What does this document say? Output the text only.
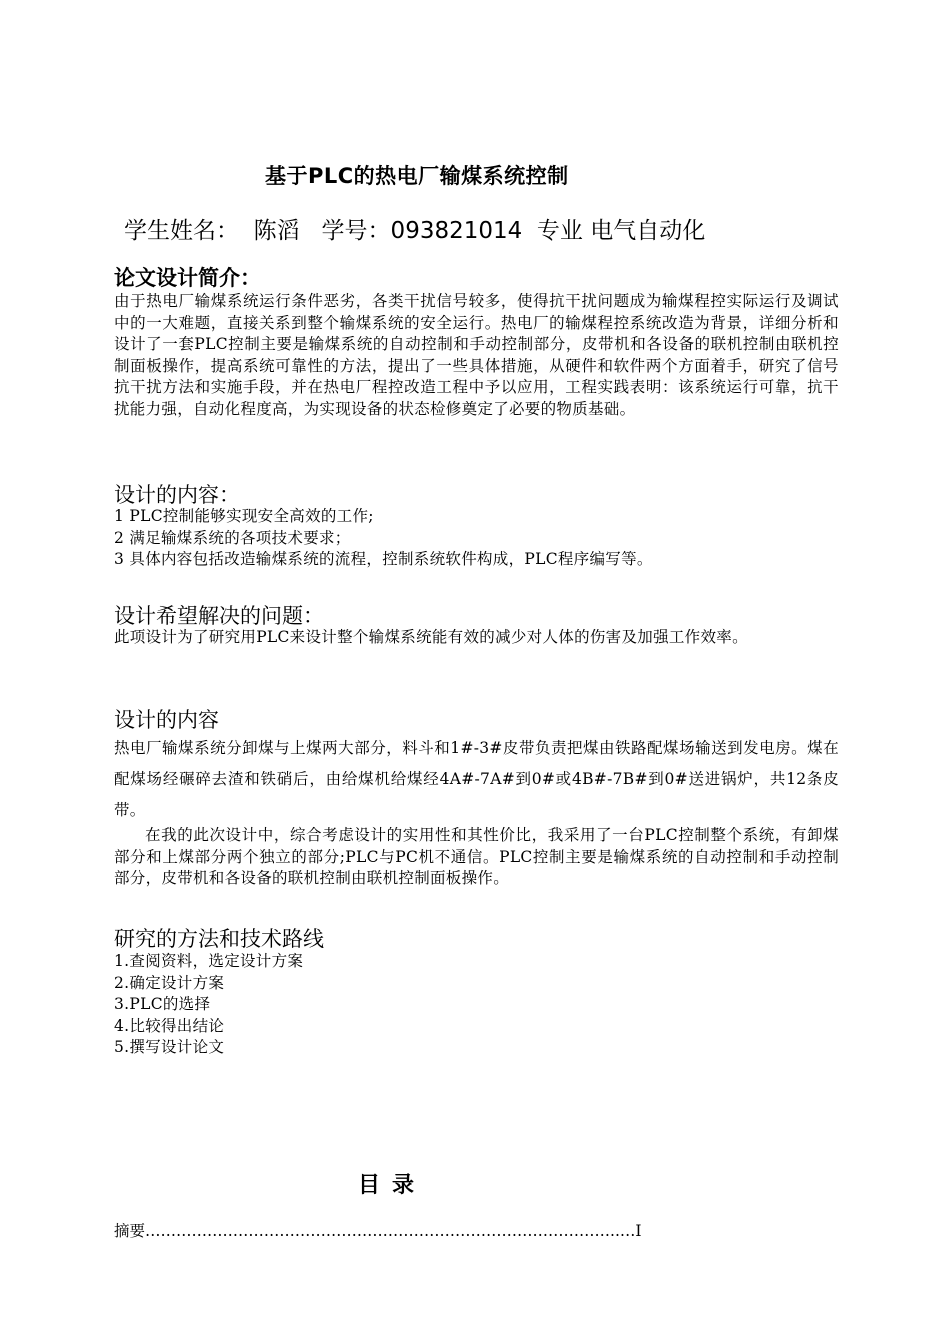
基于PLC的热电厂输煤系统控制
学生姓名：  陈滔   学号：093821014  专业 电气自动化
论文设计简介：
由于热电厂输煤系统运行条件恶劣，各类干扰信号较多，使得抗干扰问题成为输煤程控实际运行及调试中的一大难题，直接关系到整个输煤系统的安全运行。热电厂的输煤程控系统改造为背景，详细分析和设计了一套PLC控制主要是输煤系统的自动控制和手动控制部分，皮带机和各设备的联机控制由联机控制面板操作，提高系统可靠性的方法，提出了一些具体措施，从硬件和软件两个方面着手，研究了信号抗干扰方法和实施手段，并在热电厂程控改造工程中予以应用，工程实践表明：该系统运行可靠，抗干扰能力强，自动化程度高，为实现设备的状态检修奠定了必要的物质基础。
设计的内容：
1 PLC控制能够实现安全高效的工作;
2 满足输煤系统的各项技术要求；
3 具体内容包括改造输煤系统的流程，控制系统软件构成，PLC程序编写等。
设计希望解决的问题：
此项设计为了研究用PLC来设计整个输煤系统能有效的减少对人体的伤害及加强工作效率。
设计的内容
热电厂输煤系统分卸煤与上煤两大部分，料斗和1#-3#皮带负责把煤由铁路配煤场输送到发电房。煤在配煤场经碾碎去渣和铁硝后，由给煤机给煤经4A#-7A#到0#或4B#-7B#到0#送进锅炉，共12条皮带。
在我的此次设计中，综合考虑设计的实用性和其性价比，我采用了一台PLC控制整个系统，有卸煤部分和上煤部分两个独立的部分;PLC与PC机不通信。PLC控制主要是输煤系统的自动控制和手动控制部分，皮带机和各设备的联机控制由联机控制面板操作。
研究的方法和技术路线
1.查阅资料，选定设计方案
2.确定设计方案
3.PLC的选择
4.比较得出结论
5.撰写设计论文
目录
摘要………………………………………………………………………………..…Ⅰ
